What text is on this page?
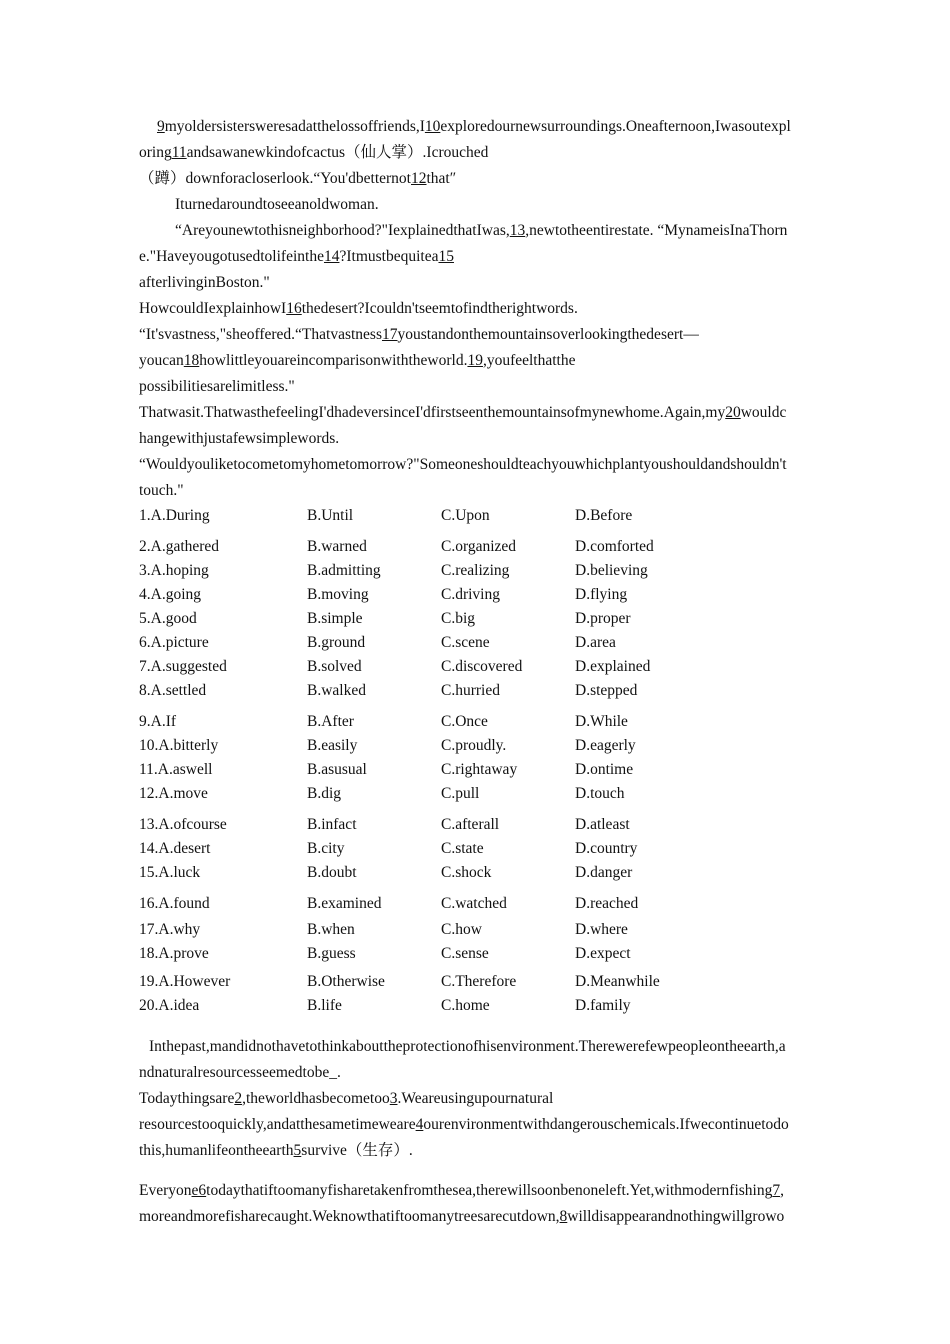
9myoldersistersweresadatthelossoffriends,I10exploredournewsurroundings.Oneafternoon,Iwasoutexpl

oring11andsawanewkindofcactus（仙人掌）.Icrouched

（蹲）downforacloserlook.“You'dbetternot12that″

Iturnedaroundtoseeanoldwoman.

“Areyounewtothisneighborhood?"IexplainedthatIwas,13,newtotheentirestate. “MynameisInaThorn

e."Haveyougotusedtolifeinthe14?Itmustbequitea15

afterlivinginBoston."

HowcouldIexplainhowI16thedesert?Icouldn'tseemtofindtherightwords.

“It'svastness,"sheoffered.“Thatvastness17youstandonthemountainsoverlookingthedesert—

youcan18howlittleyouareincomparisonwiththeworld.19,youfeelthatthe

possibilitiesarelimitless."

Thatwasit.ThatwasthefeelingI'dhadeversinceI'dfirstseenthemountainsofmynewhome.Again,my20wouldc

hangewithjustafewsimplewords.

“Wouldyouliketocometomyhometomorrow?"Someoneshouldteachyouwhichplantyoushouldandshouldn't

touch."

1.A.During	B.Until	C.Upon	D.Before
2.A.gathered	B.warned	C.organized	D.comforted
3.A.hoping	B.admitting	C.realizing	D.believing
4.A.going	B.moving	C.driving	D.flying
5.A.good	B.simple	C.big	D.proper
6.A.picture	B.ground	C.scene	D.area
7.A.suggested	B.solved	C.discovered	D.explained
8.A.settled	B.walked	C.hurried	D.stepped
9.A.If	B.After	C.Once	D.While
10.A.bitterly	B.easily	C.proudly.	D.eagerly
11.A.aswell	B.asusual	C.rightaway	D.ontime
12.A.move	B.dig	C.pull	D.touch
13.A.ofcourse	B.infact	C.afterall	D.atleast
14.A.desert	B.city	C.state	D.country
15.A.luck	B.doubt	C.shock	D.danger
16.A.found	B.examined	C.watched	D.reached
17.A.why	B.when	C.how	D.where
18.A.prove	B.guess	C.sense	D.expect
19.A.However	B.Otherwise	C.Therefore	D.Meanwhile
20.A.idea	B.life	C.home	D.family

Inthepast,mandidnothavetothinkabouttheprotectionofhisenvironment.Therewerefewpeopleontheearth,a

ndnaturalresourcesseemedtobe_.

Todaythingsare2,theworldhasbecometoo3.Weareusingupournatural

resourcestooquickly,andatthesametimeweare4ourenvironmentwithdangerouschemicals.Ifwecontinuetodo

this,humanlifeontheearth5survive（生存）.

Everyone6todaythatiftoomanyfisharetakenfromthesea,therewillsoonbenoneleft.Yet,withmodernfishing7,

moreandmorefisharecaught.Weknowthatiftoomanytreesarecutdown,8willdisappearandnothingwillgrowo
